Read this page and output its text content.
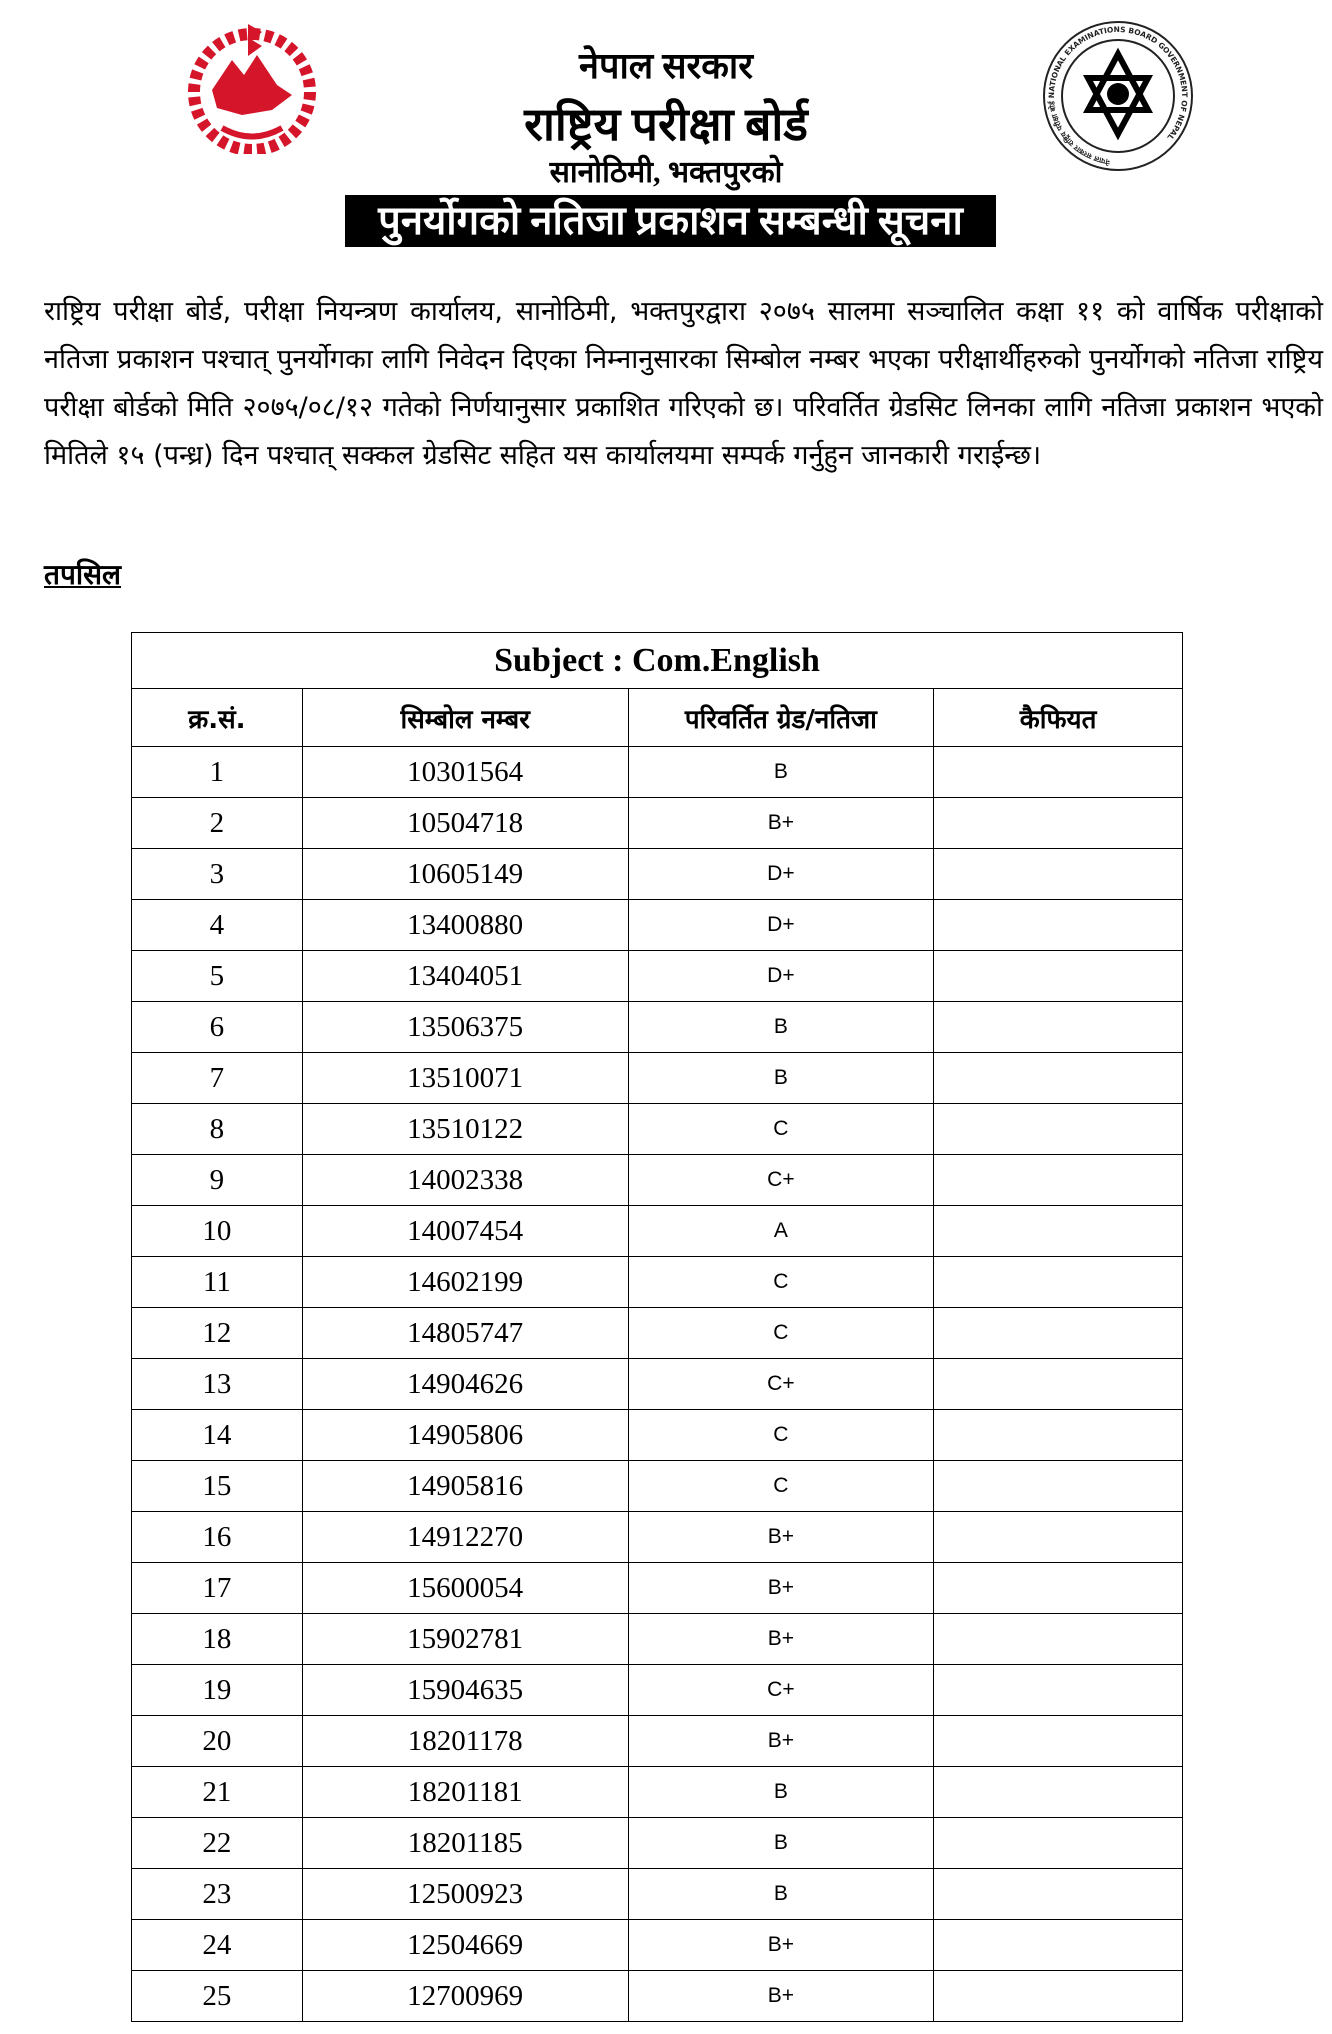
नेपाल सरकार राष्ट्रिय परीक्षा बोर्ड NATIONAL EXAMINATIONS BOARD GOVERNMENT OF NEPAL
नेपाल सरकार
राष्ट्रिय परीक्षा बोर्ड
सानोठिमी, भक्तपुरको
पुनर्योगको नतिजा प्रकाशन सम्बन्धी सूचना
राष्ट्रिय परीक्षा बोर्ड, परीक्षा नियन्त्रण कार्यालय, सानोठिमी, भक्तपुरद्वारा २०७५ सालमा सञ्चालित कक्षा ११ को वार्षिक परीक्षाको नतिजा प्रकाशन पश्चात् पुनर्योगका लागि निवेदन दिएका निम्नानुसारका सिम्बोल नम्बर भएका परीक्षार्थीहरुको पुनर्योगको नतिजा राष्ट्रिय परीक्षा बोर्डको मिति २०७५/०८/१२ गतेको निर्णयानुसार प्रकाशित गरिएको छ। परिवर्तित ग्रेडसिट लिनका लागि नतिजा प्रकाशन भएको मितिले १५ (पन्ध्र) दिन पश्चात् सक्कल ग्रेडसिट सहित यस कार्यालयमा सम्पर्क गर्नुहुन जानकारी गराईन्छ।
तपसिल
Subject : Com.English			
क्र.सं.	सिम्बोल नम्बर	परिवर्तित ग्रेड/नतिजा	कैफियत
1	10301564	B	
2	10504718	B+	
3	10605149	D+	
4	13400880	D+	
5	13404051	D+	
6	13506375	B	
7	13510071	B	
8	13510122	C	
9	14002338	C+	
10	14007454	A	
11	14602199	C	
12	14805747	C	
13	14904626	C+	
14	14905806	C	
15	14905816	C	
16	14912270	B+	
17	15600054	B+	
18	15902781	B+	
19	15904635	C+	
20	18201178	B+	
21	18201181	B	
22	18201185	B	
23	12500923	B	
24	12504669	B+	
25	12700969	B+	
